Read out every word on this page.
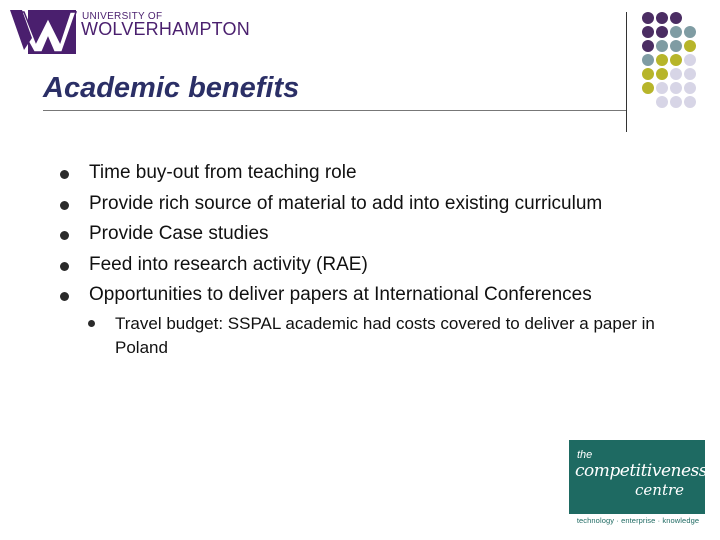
UNIVERSITY OF
WOLVERHAMPTON
Academic benefits
Time buy-out from teaching role
Provide rich source of material to add into existing curriculum
Provide Case studies
Feed into research activity (RAE)
Opportunities to deliver papers at International Conferences
Travel budget: SSPAL academic had costs covered to deliver a paper in Poland
the
competitiveness
centre
technology · enterprise · knowledge
